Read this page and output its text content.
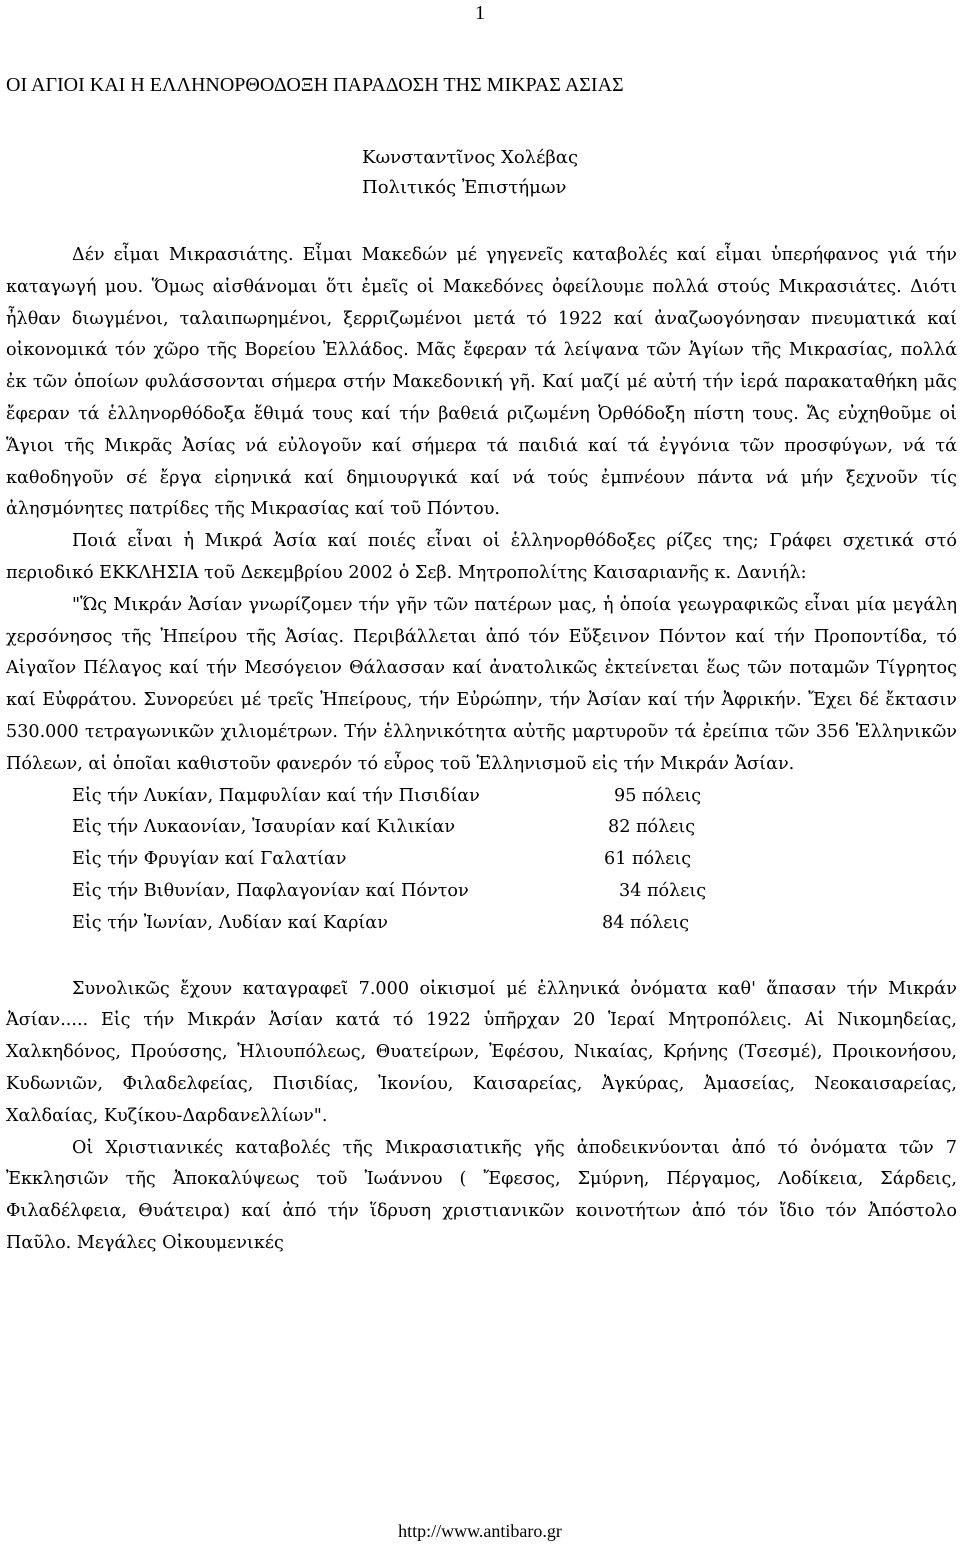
1
ΟΙ ΑΓΙΟΙ ΚΑΙ Η ΕΛΛΗΝΟΡΘΟΔΟΞΗ ΠΑΡΑΔΟΣΗ ΤΗΣ ΜΙΚΡΑΣ ΑΣΙΑΣ
Κωνσταντῖνος Χολέβας
Πολιτικός Ἐπιστήμων

Δέν εἶμαι Μικρασιάτης. Εἶμαι Μακεδών μέ γηγενεῖς καταβολές καί εἶμαι ὑπερήφανος γιά τήν καταγωγή μου. Ὅμως αἰσθάνομαι ὅτι ἐμεῖς οἱ Μακεδόνες ὀφείλουμε πολλά στούς Μικρασιάτες. Διότι ἦλθαν διωγμένοι, ταλαιπωρημένοι, ξερριζωμένοι μετά τό 1922 καί ἀναζωογόνησαν πνευματικά καί οἰκονομικά τόν χῶρο τῆς Βορείου Ἑλλάδος. Μᾶς ἔφεραν τά λείψανα τῶν Ἁγίων τῆς Μικρασίας, πολλά ἐκ τῶν ὁποίων φυλάσσονται σήμερα στήν Μακεδονική γῆ. Καί μαζί μέ αὐτή τήν ἱερά παρακαταθήκη μᾶς ἔφεραν τά ἑλληνορθόδοξα ἔθιμά τους καί τήν βαθειά ριζωμένη Ὀρθόδοξη πίστη τους. Ἄς εὐχηθοῦμε οἱ Ἅγιοι τῆς Μικρᾶς Ἀσίας νά εὐλογοῦν καί σήμερα τά παιδιά καί τά ἐγγόνια τῶν προσφύγων, νά τά καθοδηγοῦν σέ ἔργα εἰρηνικά καί δημιουργικά καί νά τούς ἐμπνέουν πάντα νά μήν ξεχνοῦν τίς ἀλησμόνητες πατρίδες τῆς Μικρασίας καί τοῦ Πόντου.

Ποιά εἶναι ἡ Μικρά Ἀσία καί ποιές εἶναι οἱ ἑλληνορθόδοξες ρίζες της; Γράφει σχετικά στό περιοδικό ΕΚΚΛΗΣΙΑ τοῦ Δεκεμβρίου 2002 ὁ Σεβ. Μητροπολίτης Καισαριανῆς κ. Δανιήλ:

"Ὥς Μικράν Ἀσίαν γνωρίζομεν τήν γῆν τῶν πατέρων μας, ἡ ὁποία γεωγραφικῶς εἶναι μία μεγάλη χερσόνησος τῆς Ἠπείρου τῆς Ἀσίας. Περιβάλλεται ἀπό τόν Εὔξεινον Πόντον καί τήν Προποντίδα, τό Αἰγαῖον Πέλαγος καί τήν Μεσόγειον Θάλασσαν καί ἀνατολικῶς ἐκτείνεται ἕως τῶν ποταμῶν Τίγρητος καί Εὐφράτου. Συνορεύει μέ τρεῖς Ἠπείρους, τήν Εὐρώπην, τήν Ἀσίαν καί τήν Ἀφρικήν. Ἔχει δέ ἔκτασιν 530.000 τετραγωνικῶν χιλιομέτρων. Τήν ἑλληνικότητα αὐτῆς μαρτυροῦν τά ἐρείπια τῶν 356 Ἑλληνικῶν Πόλεων, αἱ ὁποῖαι καθιστοῦν φανερόν τό εὖρος τοῦ Ἑλληνισμοῦ εἰς τήν Μικράν Ἀσίαν.

Εἰς τήν Λυκίαν, Παμφυλίαν καί τήν Πισιδίαν	95 πόλεις
Εἰς τήν Λυκαονίαν, Ἰσαυρίαν καί Κιλικίαν	82 πόλεις
Εἰς τήν Φρυγίαν καί Γαλατίαν	61 πόλεις
Εἰς τήν Βιθυνίαν, Παφλαγονίαν καί Πόντον	34 πόλεις
Εἰς τήν Ἰωνίαν, Λυδίαν καί Καρίαν	84 πόλεις

Συνολικῶς ἔχουν καταγραφεῖ 7.000 οἰκισμοί μέ ἑλληνικά ὀνόματα καθ' ἅπασαν τήν Μικράν Ἀσίαν..... Εἰς τήν Μικράν Ἀσίαν κατά τό 1922 ὑπῆρχαν 20 Ἱεραί Μητροπόλεις. Αἱ Νικομηδείας, Χαλκηδόνος, Προύσσης, Ἡλιουπόλεως, Θυατείρων, Ἐφέσου, Νικαίας, Κρήνης (Τσεσμέ), Προικονήσου, Κυδωνιῶν, Φιλαδελφείας, Πισιδίας, Ἰκονίου, Καισαρείας, Ἀγκύρας, Ἀμασείας, Νεοκαισαρείας, Χαλδαίας, Κυζίκου-Δαρδανελλίων".

Οἱ Χριστιανικές καταβολές τῆς Μικρασιατικῆς γῆς ἀποδεικνύονται ἀπό τό ὀνόματα τῶν 7 Ἐκκλησιῶν τῆς Ἀποκαλύψεως τοῦ Ἰωάννου ( Ἔφεσος, Σμύρνη, Πέργαμος, Λοδίκεια, Σάρδεις, Φιλαδέλφεια, Θυάτειρα) καί ἀπό τήν ἵδρυση χριστιανικῶν κοινοτήτων ἀπό τόν ἴδιο τόν Ἀπόστολο Παῦλο. Μεγάλες Οἰκουμενικές

http://www.antibaro.gr
